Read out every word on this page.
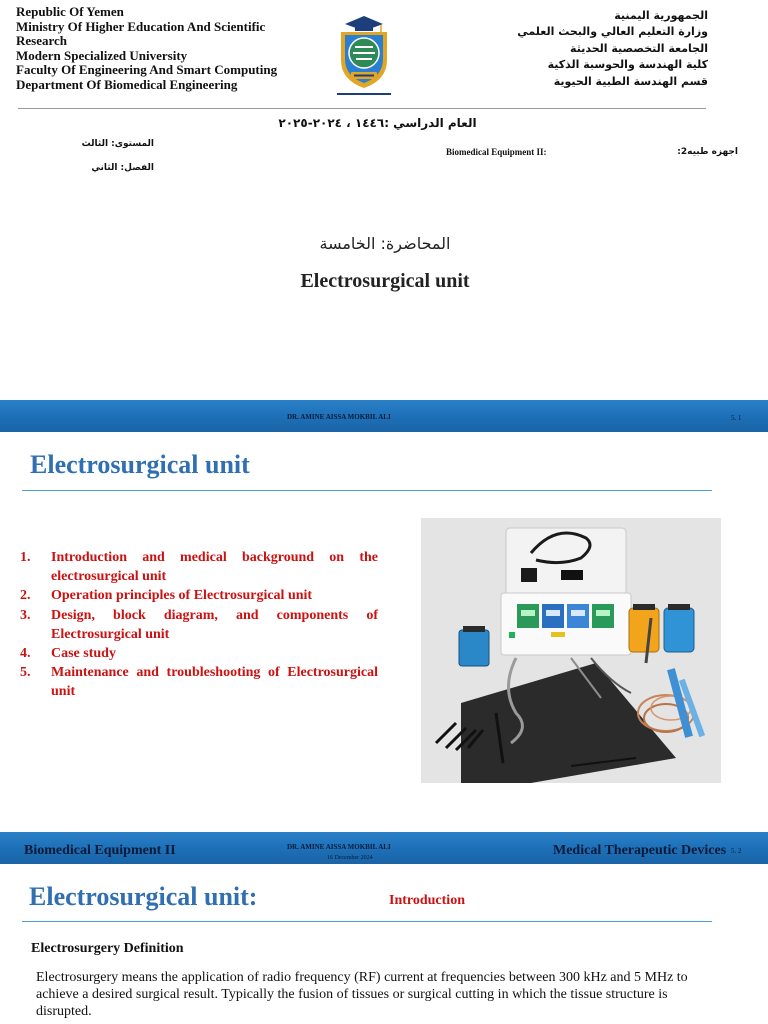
Republic Of Yemen
Ministry Of Higher Education And Scientific
Research
Modern Specialized University
Faculty Of Engineering And Smart Computing
Department Of Biomedical Engineering
الجمهورية اليمنية
وزارة التعليم العالي والبحث العلمي
الجامعة التخصصية الحديثة
كلية الهندسة والحوسبة الذكية
قسم الهندسة الطبية الحيوية
العام الدراسي :١٤٤٦ ، ٢٠٢٤-٢٠٢٥
المستوى: الثالث
الفصل: الثاني
Biomedical Equipment II:	اجهزه طبيه2:
المحاضرة: الخامسة
Electrosurgical unit
DR. AMINE AISSA MOKBIL ALI	5. 1
Electrosurgical unit
1. Introduction and medical background on the electrosurgical unit
2. Operation principles of Electrosurgical unit
3. Design, block diagram, and components of Electrosurgical unit
4. Case study
5. Maintenance and troubleshooting of Electrosurgical unit
Biomedical Equipment II	DR. AMINE AISSA MOKBIL ALI
16 December 2024	Medical Therapeutic Devices 5. 2
Electrosurgical unit:	Introduction
Electrosurgery Definition
Electrosurgery means the application of radio frequency (RF) current at frequencies between 300 kHz and 5 MHz to achieve a desired surgical result. Typically the fusion of tissues or surgical cutting in which the tissue structure is disrupted.
